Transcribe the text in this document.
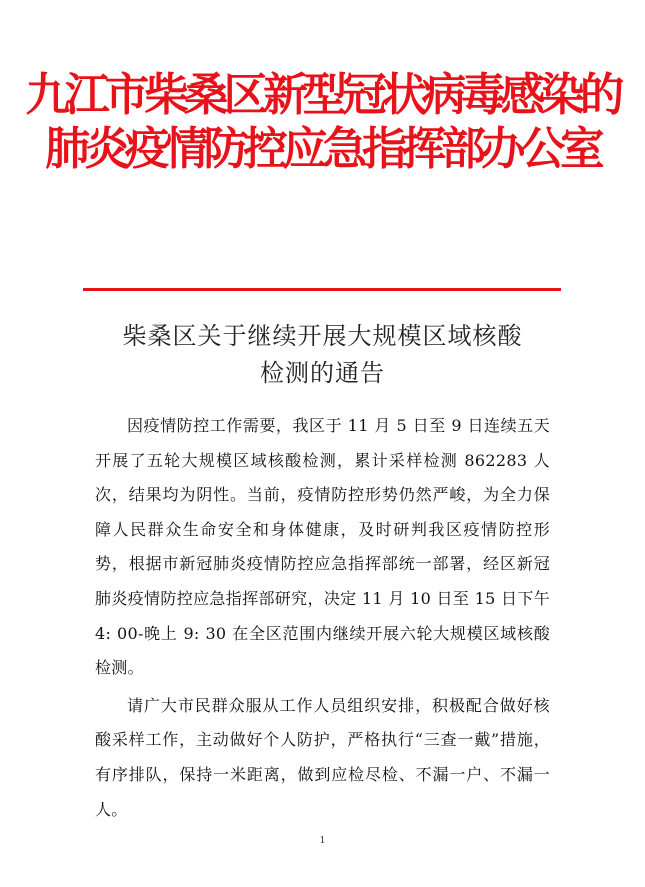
九江市柴桑区新型冠状病毒感染的
肺炎疫情防控应急指挥部办公室
柴桑区关于继续开展大规模区域核酸
检测的通告

因疫情防控工作需要，我区于 11 月 5 日至 9 日连续五天开展了五轮大规模区域核酸检测，累计采样检测 862283 人次，结果均为阴性。当前，疫情防控形势仍然严峻，为全力保障人民群众生命安全和身体健康，及时研判我区疫情防控形势，根据市新冠肺炎疫情防控应急指挥部统一部署，经区新冠肺炎疫情防控应急指挥部研究，决定 11 月 10 日至 15 日下午 4: 00-晚上 9: 30 在全区范围内继续开展六轮大规模区域核酸检测。

请广大市民群众服从工作人员组织安排，积极配合做好核酸采样工作，主动做好个人防护，严格执行“三查一戴”措施，有序排队，保持一米距离，做到应检尽检、不漏一户、不漏一人。

1
